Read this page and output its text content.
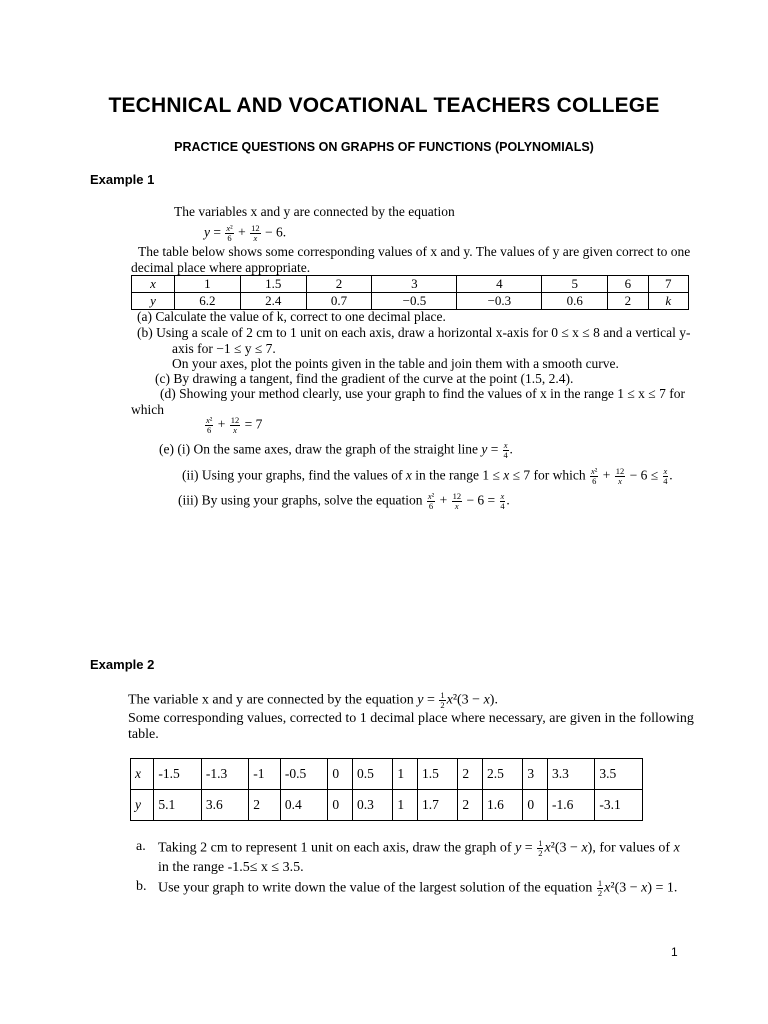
TECHNICAL AND VOCATIONAL TEACHERS COLLEGE
PRACTICE QUESTIONS ON GRAPHS OF FUNCTIONS (POLYNOMIALS)
Example 1
The variables x and y are connected by the equation
$y = \frac{\text{x²}}{6} + \frac{12}{x} - 6$.
The table below shows some corresponding values of x and y. The values of y are given correct to one
decimal place where appropriate.
x	1	1.5	2	3	4	5	6	7
y	6.2	2.4	0.7	−0.5	−0.3	0.6	2	k
(a) Calculate the value of k, correct to one decimal place.
(b) Using a scale of 2 cm to 1 unit on each axis, draw a horizontal x-axis for 0 ≤ x ≤ 8 and a vertical y-
axis for −1 ≤ y ≤ 7.
On your axes, plot the points given in the table and join them with a smooth curve.
(c) By drawing a tangent, find the gradient of the curve at the point (1.5, 2.4).
(d) Showing your method clearly, use your graph to find the values of x in the range 1 ≤ x ≤ 7 for
which
$\frac{\text{x²}}{6} + \frac{12}{x} = 7$
(e) (i) On the same axes, draw the graph of the straight line $y = \frac{x}{4}$ .
(ii) Using your graphs, find the values of x in the range 1 ≤ x ≤ 7 for which $\frac{\text{x²}}{6} + \frac{12}{x} - 6 \le \frac{x}{4}$ .
(iii) By using your graphs, solve the equation $\frac{\text{x²}}{6} + \frac{12}{x} - 6 = \frac{x}{4}$ .
Example 2
The variable x and y are connected by the equation $y = \frac{1}{2} x^2(3 - x)$.
Some corresponding values, corrected to 1 decimal place where necessary, are given in the following
table.
x	-1.5	-1.3	-1	-0.5	0	0.5	1	1.5	2	2.5	3	3.3	3.5
y	5.1	3.6	2	0.4	0	0.3	1	1.7	2	1.6	0	-1.6	-3.1
a. Taking 2 cm to represent 1 unit on each axis, draw the graph of $y = \frac{1}{2} x^2(3 - x)$, for values of x
in the range -1.5≤ x ≤ 3.5.
b. Use your graph to write down the value of the largest solution of the equation $\frac{1}{2} x^2(3 - x) = 1$.
1
